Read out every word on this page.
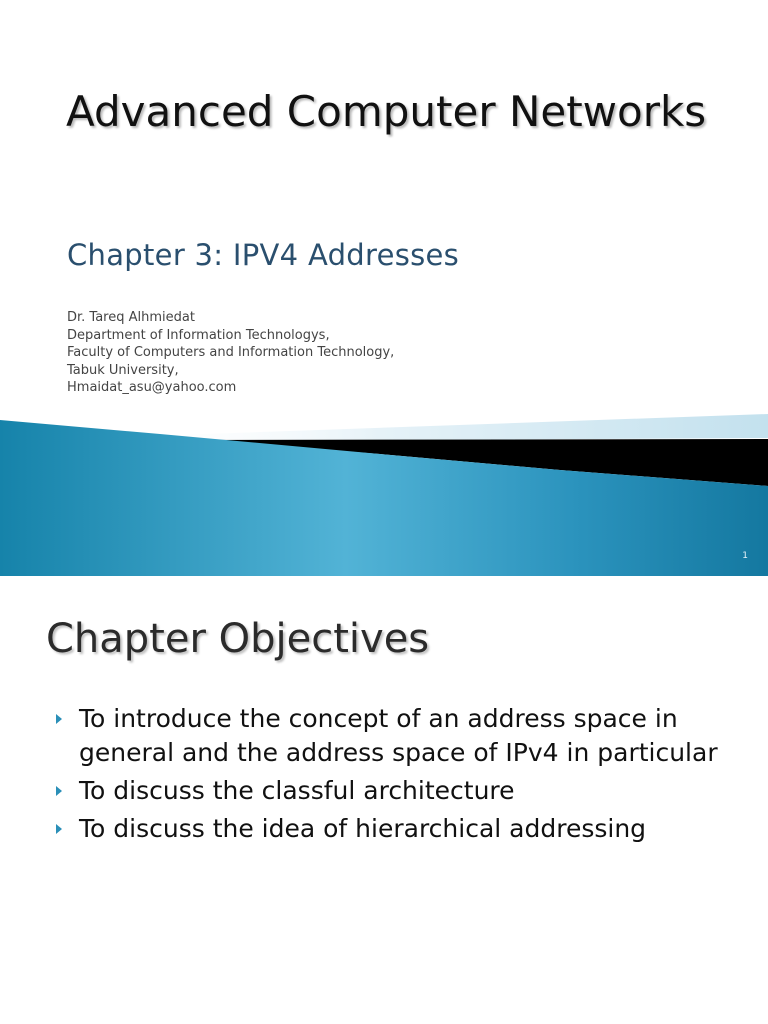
Advanced Computer Networks
Chapter 3: IPV4 Addresses
Dr. Tareq Alhmiedat
Department of Information Technologys,
Faculty of Computers and Information Technology,
Tabuk University,
Hmaidat_asu@yahoo.com
1
Chapter Objectives
To introduce the concept of an address space in general and the address space of IPv4 in particular
To discuss the classful architecture
To discuss the idea of hierarchical addressing
